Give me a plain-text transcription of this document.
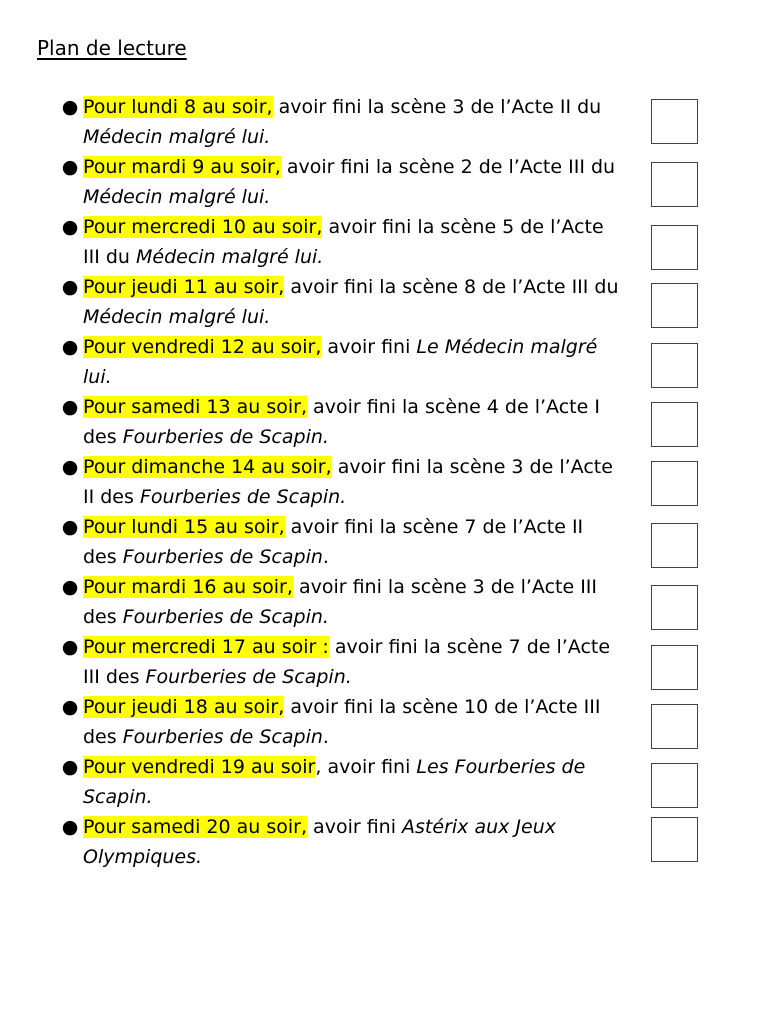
Plan de lecture
● Pour lundi 8 au soir, avoir fini la scène 3 de l’Acte II du Médecin malgré lui.
● Pour mardi 9 au soir, avoir fini la scène 2 de l’Acte III du Médecin malgré lui.
● Pour mercredi 10 au soir, avoir fini la scène 5 de l’Acte III du Médecin malgré lui.
● Pour jeudi 11 au soir, avoir fini la scène 8 de l’Acte III du Médecin malgré lui.
● Pour vendredi 12 au soir, avoir fini Le Médecin malgré lui.
● Pour samedi 13 au soir, avoir fini la scène 4 de l’Acte I des Fourberies de Scapin.
● Pour dimanche 14 au soir, avoir fini la scène 3 de l’Acte II des Fourberies de Scapin.
● Pour lundi 15 au soir, avoir fini la scène 7 de l’Acte II des Fourberies de Scapin.
● Pour mardi 16 au soir, avoir fini la scène 3 de l’Acte III des Fourberies de Scapin.
● Pour mercredi 17 au soir : avoir fini la scène 7 de l’Acte III des Fourberies de Scapin.
● Pour jeudi 18 au soir, avoir fini la scène 10 de l’Acte III des Fourberies de Scapin.
● Pour vendredi 19 au soir, avoir fini Les Fourberies de Scapin.
● Pour samedi 20 au soir, avoir fini Astérix aux Jeux Olympiques.
